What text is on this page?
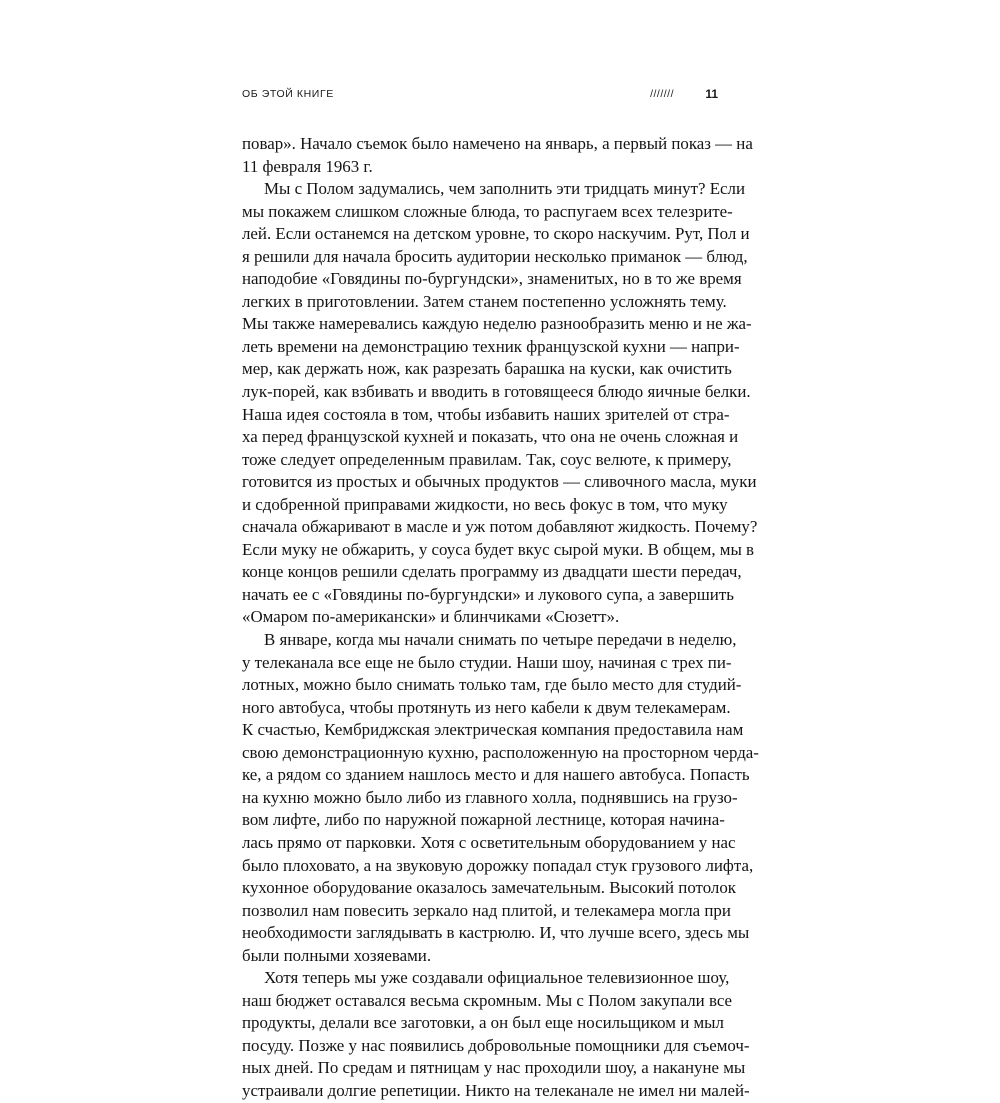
ОБ ЭТОЙ КНИГЕ	///////	11
повар». Начало съемок было намечено на январь, а первый показ — на
11 февраля 1963 г.
Мы с Полом задумались, чем заполнить эти тридцать минут? Если
мы покажем слишком сложные блюда, то распугаем всех телезрите-
лей. Если останемся на детском уровне, то скоро наскучим. Рут, Пол и
я решили для начала бросить аудитории несколько приманок — блюд,
наподобие «Говядины по-бургундски», знаменитых, но в то же время
легких в приготовлении. Затем станем постепенно усложнять тему.
Мы также намеревались каждую неделю разнообразить меню и не жа-
леть времени на демонстрацию техник французской кухни — напри-
мер, как держать нож, как разрезать барашка на куски, как очистить
лук-порей, как взбивать и вводить в готовящееся блюдо яичные белки.
Наша идея состояла в том, чтобы избавить наших зрителей от стра-
ха перед французской кухней и показать, что она не очень сложная и
тоже следует определенным правилам. Так, соус велюте, к примеру,
готовится из простых и обычных продуктов — сливочного масла, муки
и сдобренной приправами жидкости, но весь фокус в том, что муку
сначала обжаривают в масле и уж потом добавляют жидкость. Почему?
Если муку не обжарить, у соуса будет вкус сырой муки. В общем, мы в
конце концов решили сделать программу из двадцати шести передач,
начать ее с «Говядины по-бургундски» и лукового супа, а завершить
«Омаром по-американски» и блинчиками «Сюзетт».
В январе, когда мы начали снимать по четыре передачи в неделю,
у телеканала все еще не было студии. Наши шоу, начиная с трех пи-
лотных, можно было снимать только там, где было место для студий-
ного автобуса, чтобы протянуть из него кабели к двум телекамерам.
К счастью, Кембриджская электрическая компания предоставила нам
свою демонстрационную кухню, расположенную на просторном черда-
ке, а рядом со зданием нашлось место и для нашего автобуса. Попасть
на кухню можно было либо из главного холла, поднявшись на грузо-
вом лифте, либо по наружной пожарной лестнице, которая начина-
лась прямо от парковки. Хотя с осветительным оборудованием у нас
было плоховато, а на звуковую дорожку попадал стук грузового лифта,
кухонное оборудование оказалось замечательным. Высокий потолок
позволил нам повесить зеркало над плитой, и телекамера могла при
необходимости заглядывать в кастрюлю. И, что лучше всего, здесь мы
были полными хозяевами.
Хотя теперь мы уже создавали официальное телевизионное шоу,
наш бюджет оставался весьма скромным. Мы с Полом закупали все
продукты, делали все заготовки, а он был еще носильщиком и мыл
посуду. Позже у нас появились добровольные помощники для съемоч-
ных дней. По средам и пятницам у нас проходили шоу, а накануне мы
устраивали долгие репетиции. Никто на телеканале не имел ни малей-
